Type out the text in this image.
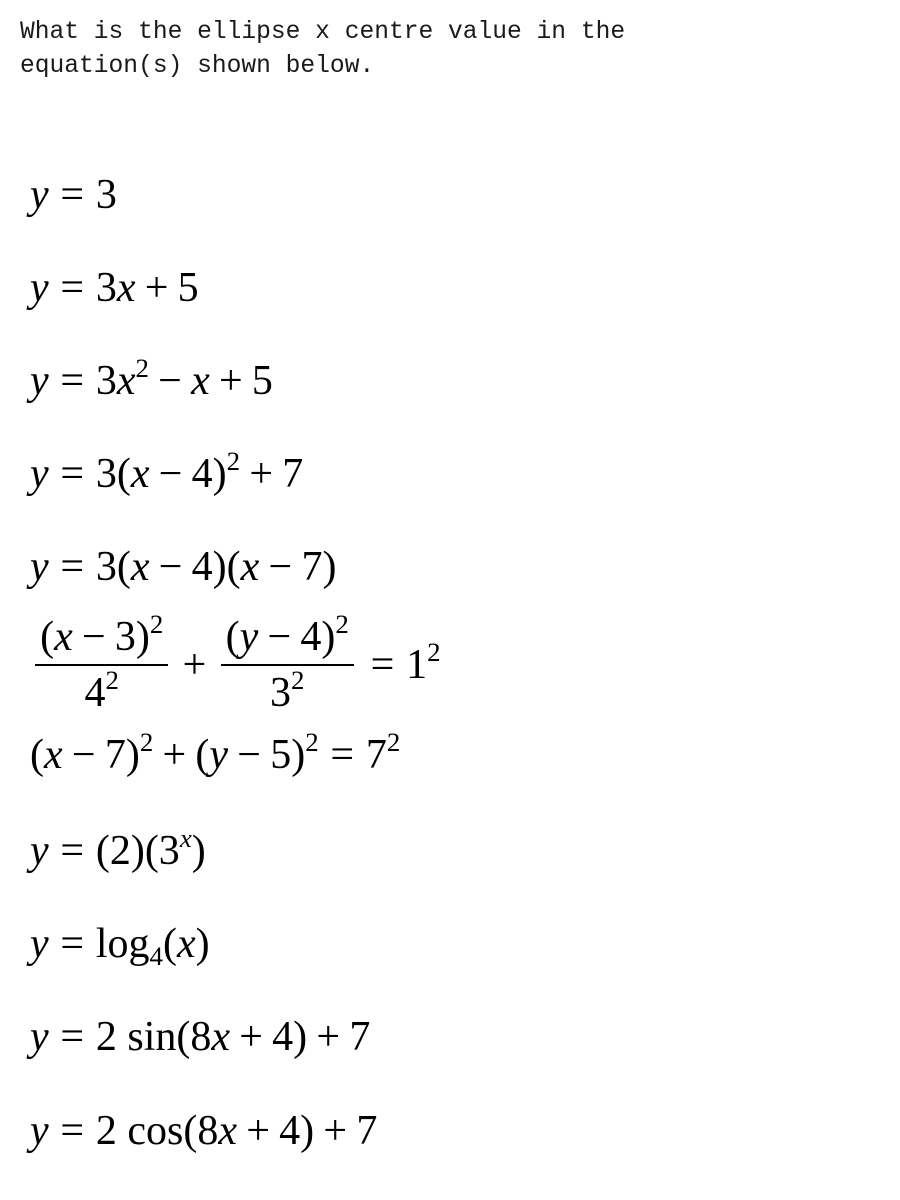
What is the ellipse x centre value in the
equation(s) shown below.

y = 3
y = 3x + 5
$y = 3x^2 - x + 5$
$y = 3(x - 4)^2 + 7$
y = 3(x − 4)(x − 7)
$\frac{(x - 3)^2}{4^2} + \frac{(y - 4)^2}{3^2} = 1^2$
$(x - 7)^2 + (y - 5)^2 = 7^2$
$y = (2)(3^x)$
$y = \log_4(x)$
y = 2 sin(8x + 4) + 7
y = 2 cos(8x + 4) + 7
